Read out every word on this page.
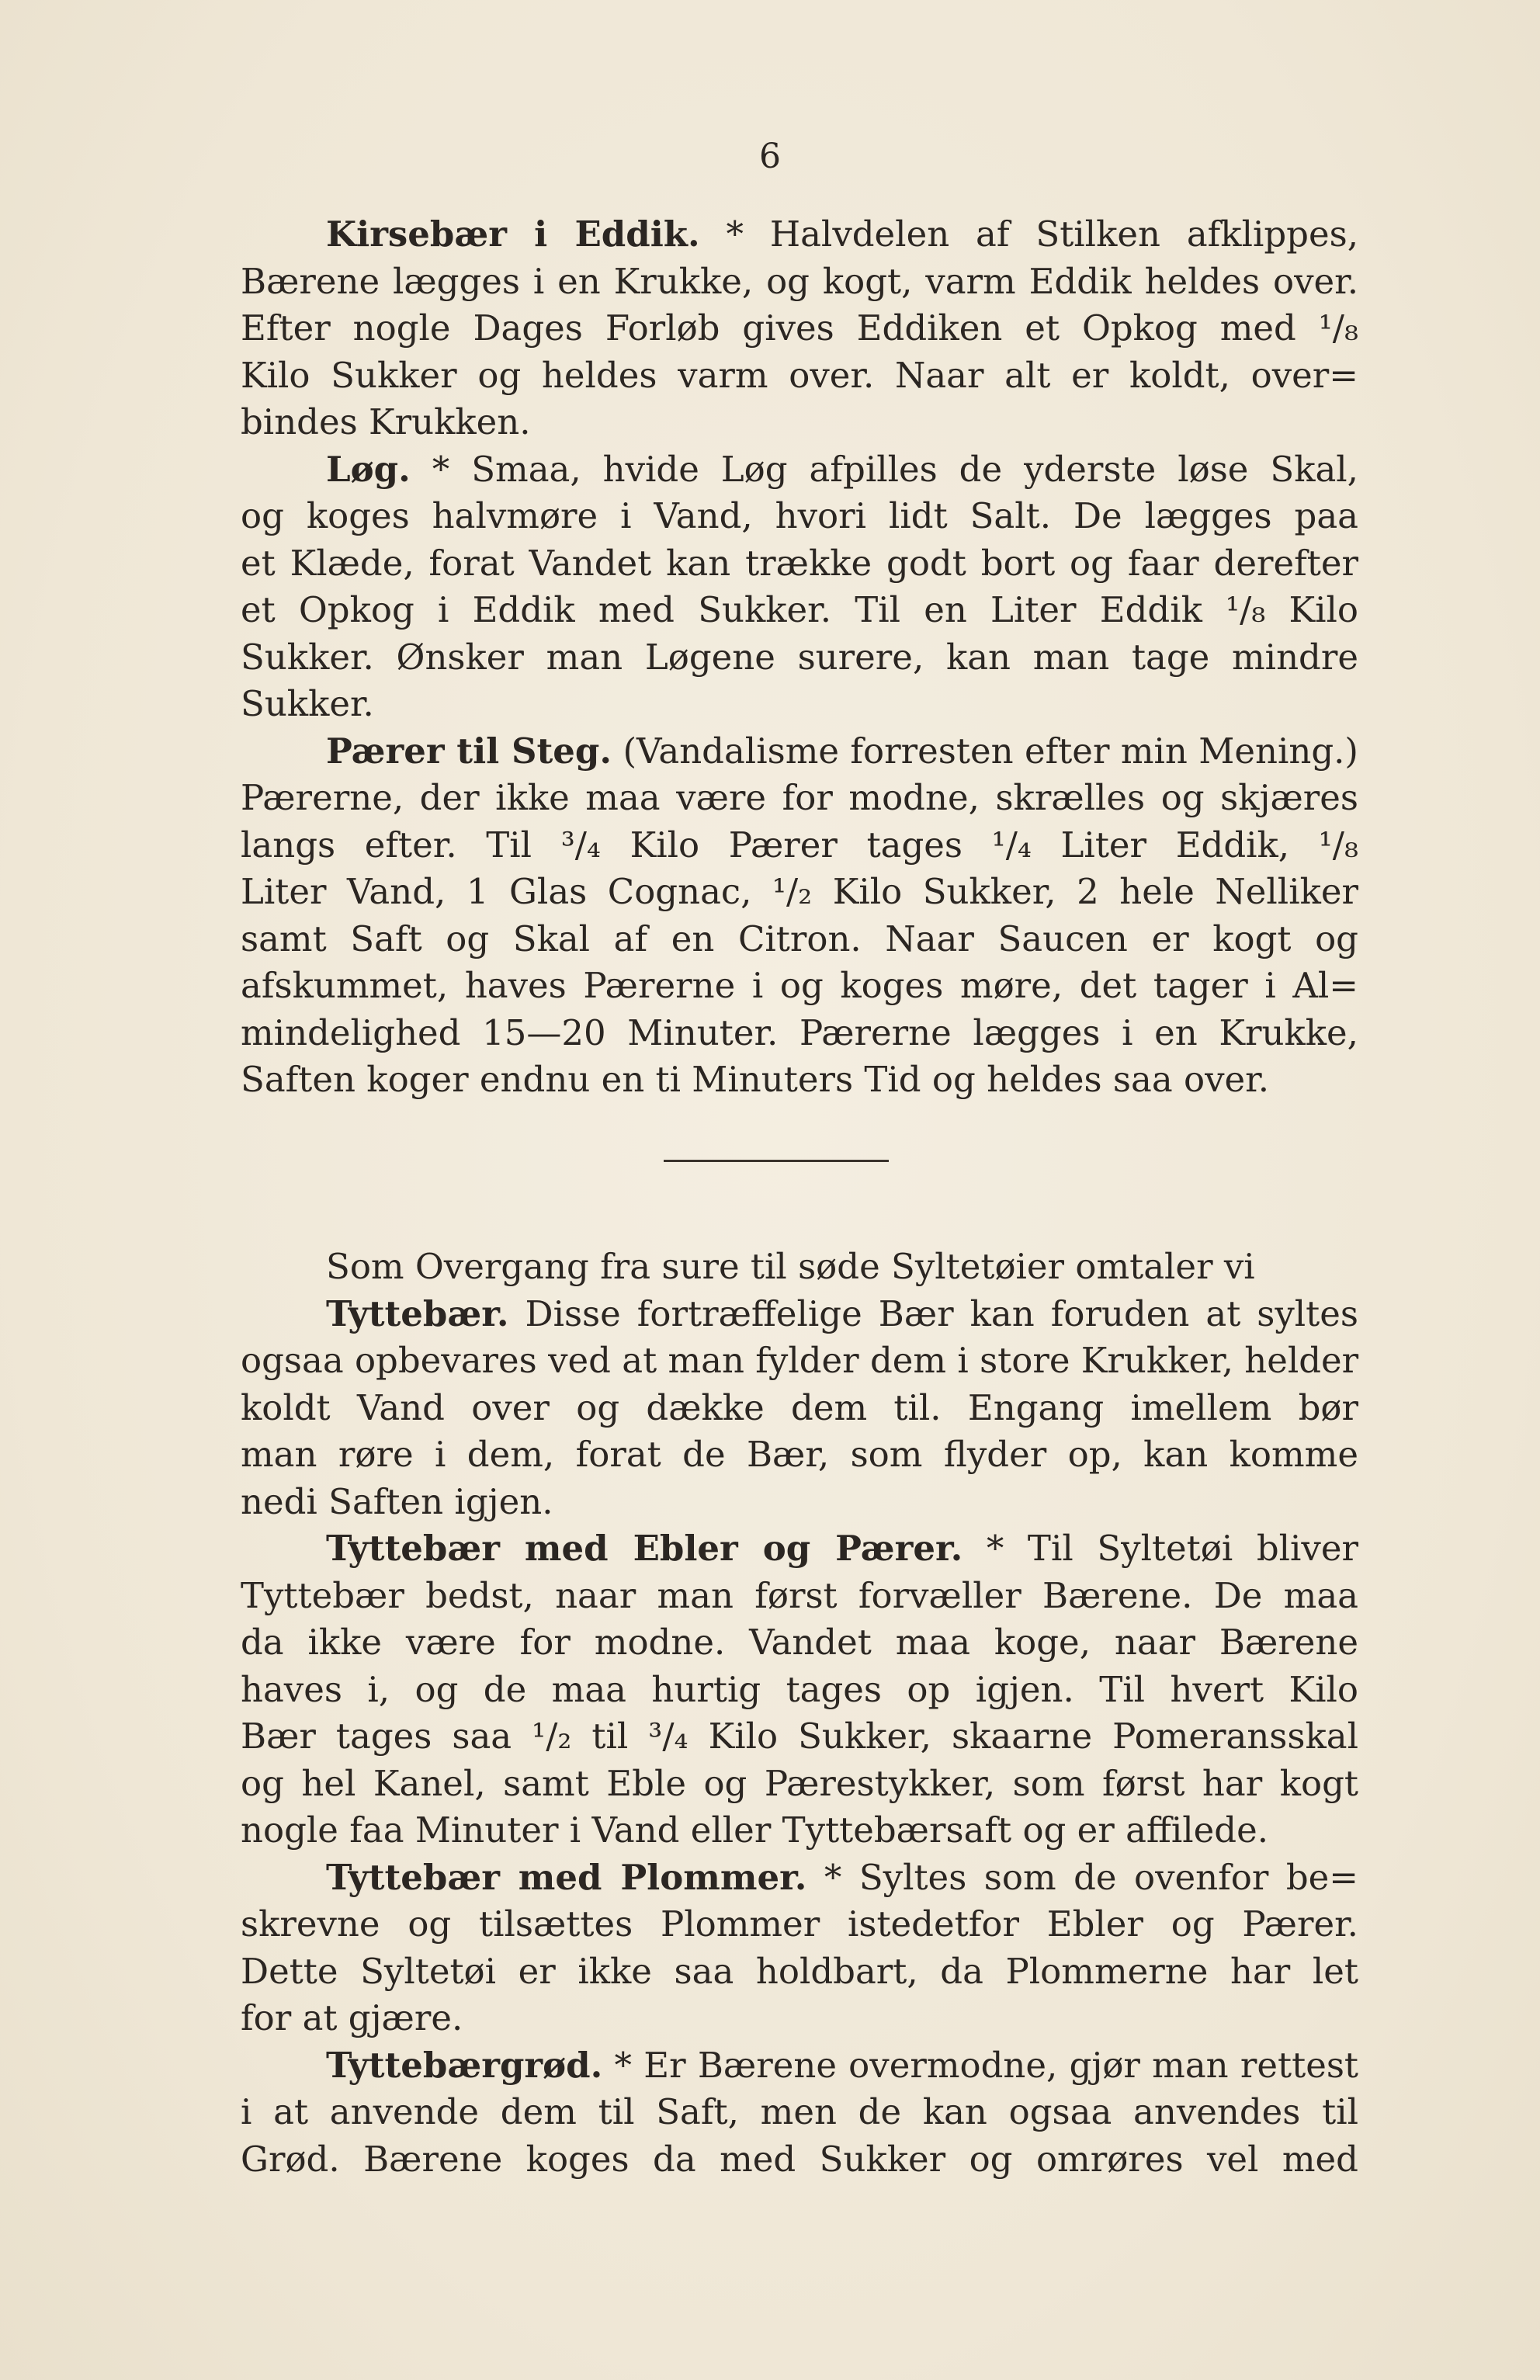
6
Kirsebær i Eddik. * Halvdelen af Stilken afklippes,
Bærene lægges i en Krukke, og kogt, varm Eddik heldes over.
Efter nogle Dages Forløb gives Eddiken et Opkog med ¹/₈
Kilo Sukker og heldes varm over. Naar alt er koldt, over=
bindes Krukken.
Løg. * Smaa, hvide Løg afpilles de yderste løse Skal,
og koges halvmøre i Vand, hvori lidt Salt. De lægges paa
et Klæde, forat Vandet kan trække godt bort og faar derefter
et Opkog i Eddik med Sukker. Til en Liter Eddik ¹/₈ Kilo
Sukker. Ønsker man Løgene surere, kan man tage mindre
Sukker.
Pærer til Steg. (Vandalisme forresten efter min Mening.)
Pærerne, der ikke maa være for modne, skrælles og skjæres
langs efter. Til ³/₄ Kilo Pærer tages ¹/₄ Liter Eddik, ¹/₈
Liter Vand, 1 Glas Cognac, ¹/₂ Kilo Sukker, 2 hele Nelliker
samt Saft og Skal af en Citron. Naar Saucen er kogt og
afskummet, haves Pærerne i og koges møre, det tager i Al=
mindelighed 15—20 Minuter. Pærerne lægges i en Krukke,
Saften koger endnu en ti Minuters Tid og heldes saa over.
Som Overgang fra sure til søde Syltetøier omtaler vi
Tyttebær. Disse fortræffelige Bær kan foruden at syltes
ogsaa opbevares ved at man fylder dem i store Krukker, helder
koldt Vand over og dække dem til. Engang imellem bør
man røre i dem, forat de Bær, som flyder op, kan komme
nedi Saften igjen.
Tyttebær med Ebler og Pærer. * Til Syltetøi bliver
Tyttebær bedst, naar man først forvæller Bærene. De maa
da ikke være for modne. Vandet maa koge, naar Bærene
haves i, og de maa hurtig tages op igjen. Til hvert Kilo
Bær tages saa ¹/₂ til ³/₄ Kilo Sukker, skaarne Pomeransskal
og hel Kanel, samt Eble og Pærestykker, som først har kogt
nogle faa Minuter i Vand eller Tyttebærsaft og er affilede.
Tyttebær med Plommer. * Syltes som de ovenfor be=
skrevne og tilsættes Plommer istedetfor Ebler og Pærer.
Dette Syltetøi er ikke saa holdbart, da Plommerne har let
for at gjære.
Tyttebærgrød. * Er Bærene overmodne, gjør man rettest
i at anvende dem til Saft, men de kan ogsaa anvendes til
Grød. Bærene koges da med Sukker og omrøres vel med
